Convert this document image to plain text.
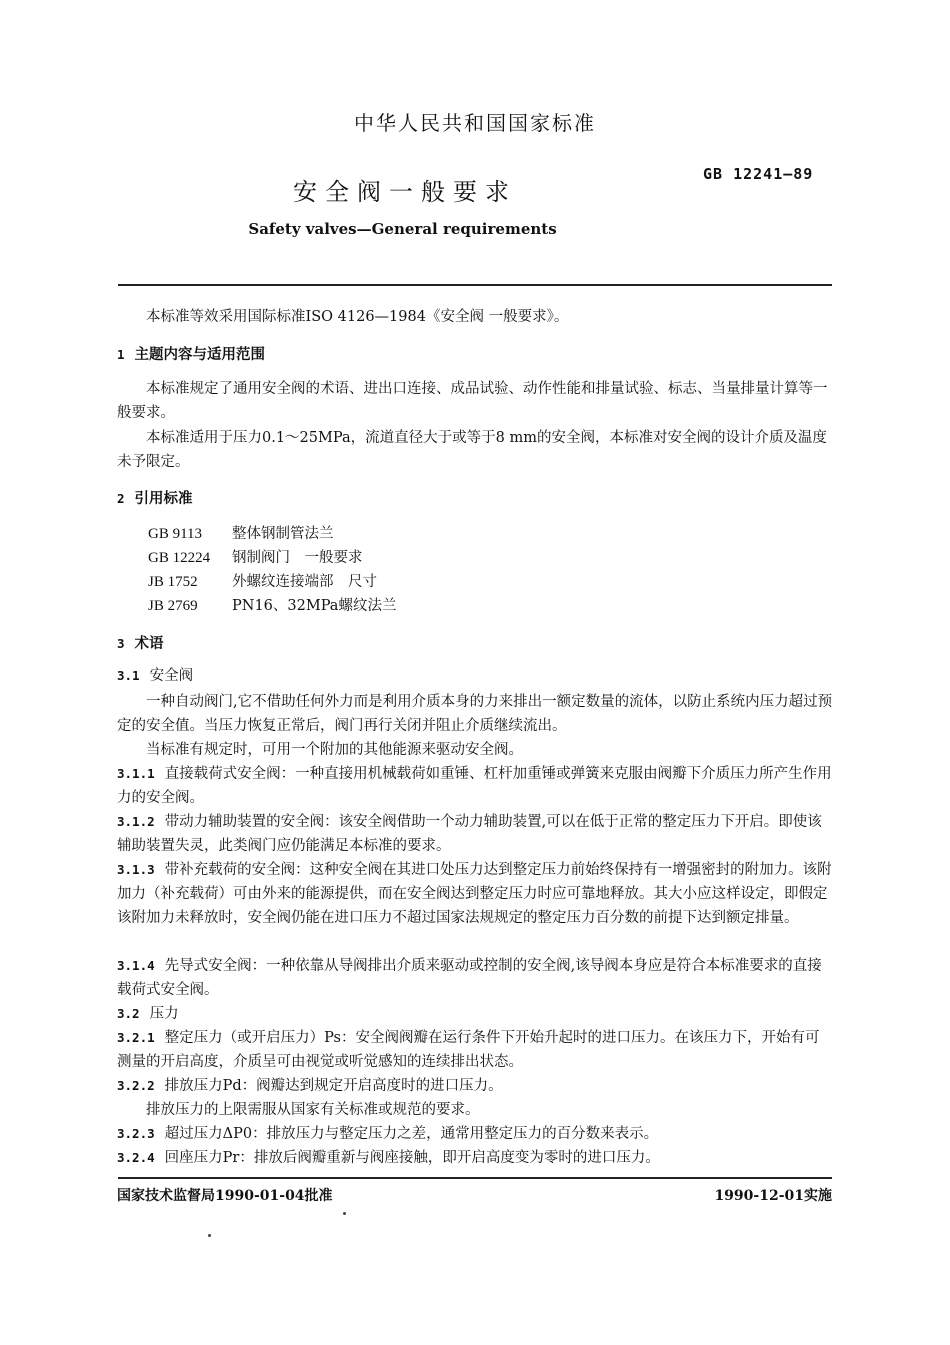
中华人民共和国国家标准
安全阀一般要求
GB 12241—89
Safety valves—General requirements
本标准等效采用国际标准ISO 4126—1984《安全阀 一般要求》。
1 主题内容与适用范围
本标准规定了通用安全阀的术语、进出口连接、成品试验、动作性能和排量试验、标志、当量排量计算等一般要求。
本标准适用于压力0.1～25MPa，流道直径大于或等于8 mm的安全阀，本标准对安全阀的设计介质及温度未予限定。
2 引用标准
GB 9113 整体钢制管法兰
GB 12224 钢制阀门　一般要求
JB 1752 外螺纹连接端部　尺寸
JB 2769 PN16、32MPa螺纹法兰
3 术语
3.1 安全阀
一种自动阀门,它不借助任何外力而是利用介质本身的力来排出一额定数量的流体，以防止系统内压力超过预定的安全值。当压力恢复正常后，阀门再行关闭并阻止介质继续流出。
当标准有规定时，可用一个附加的其他能源来驱动安全阀。
3.1.1 直接载荷式安全阀：一种直接用机械载荷如重锤、杠杆加重锤或弹簧来克服由阀瓣下介质压力所产生作用力的安全阀。
3.1.2 带动力辅助装置的安全阀：该安全阀借助一个动力辅助装置,可以在低于正常的整定压力下开启。即使该辅助装置失灵，此类阀门应仍能满足本标准的要求。
3.1.3 带补充载荷的安全阀：这种安全阀在其进口处压力达到整定压力前始终保持有一增强密封的附加力。该附加力（补充载荷）可由外来的能源提供，而在安全阀达到整定压力时应可靠地释放。其大小应这样设定，即假定该附加力未释放时，安全阀仍能在进口压力不超过国家法规规定的整定压力百分数的前提下达到额定排量。
3.1.4 先导式安全阀：一种依靠从导阀排出介质来驱动或控制的安全阀,该导阀本身应是符合本标准要求的直接载荷式安全阀。
3.2 压力
3.2.1 整定压力（或开启压力）Ps：安全阀阀瓣在运行条件下开始升起时的进口压力。在该压力下，开始有可测量的开启高度，介质呈可由视觉或听觉感知的连续排出状态。
3.2.2 排放压力Pd：阀瓣达到规定开启高度时的进口压力。
排放压力的上限需服从国家有关标准或规范的要求。
3.2.3 超过压力ΔP0：排放压力与整定压力之差，通常用整定压力的百分数来表示。
3.2.4 回座压力Pr：排放后阀瓣重新与阀座接触，即开启高度变为零时的进口压力。
国家技术监督局1990-01-04批准	1990-12-01实施
